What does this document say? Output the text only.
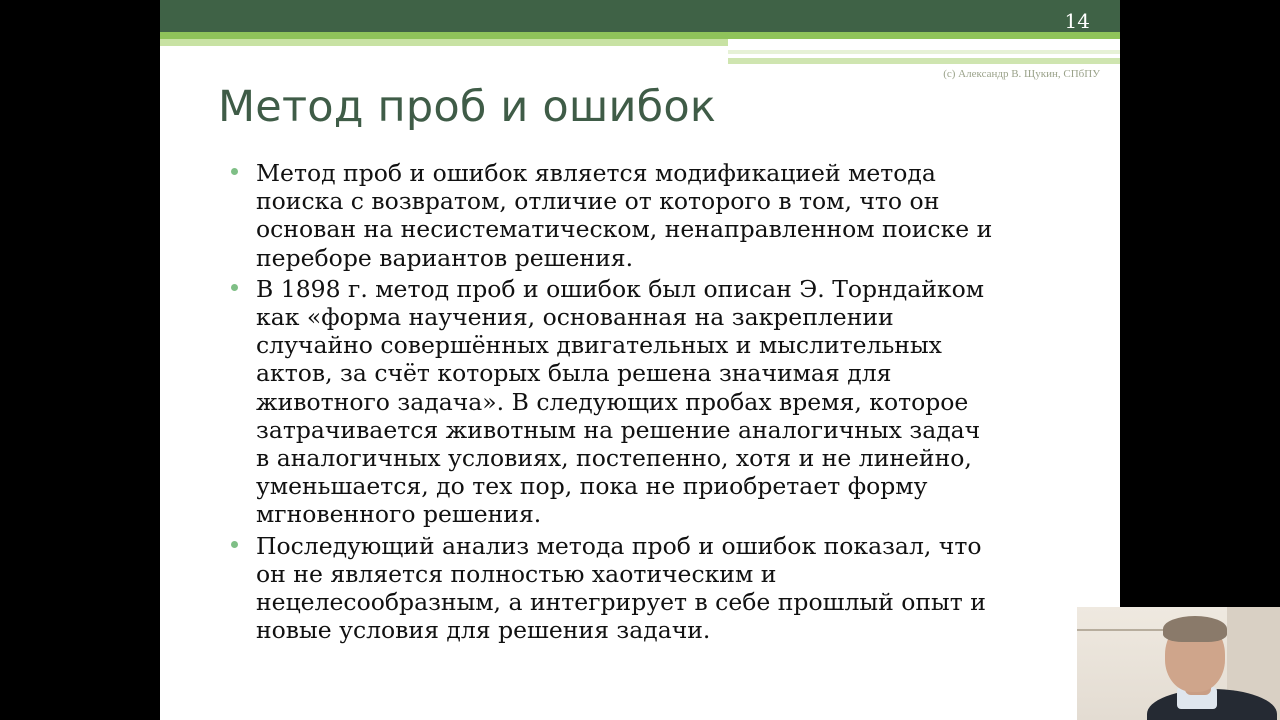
14
(с) Александр В. Щукин, СПбПУ
Метод проб и ошибок
Метод проб и ошибок является модификацией метода
поиска с возвратом, отличие от которого в том, что он
основан на несистематическом, ненаправленном поиске и
переборе вариантов решения.
В 1898 г. метод проб и ошибок был описан Э. Торндайком
как «форма научения, основанная на закреплении
случайно совершённых двигательных и мыслительных
актов, за счёт которых была решена значимая для
животного задача». В следующих пробах время, которое
затрачивается животным на решение аналогичных задач
в аналогичных условиях, постепенно, хотя и не линейно,
уменьшается, до тех пор, пока не приобретает форму
мгновенного решения.
Последующий анализ метода проб и ошибок показал, что
он не является полностью хаотическим и
нецелесообразным, а интегрирует в себе прошлый опыт и
новые условия для решения задачи.
